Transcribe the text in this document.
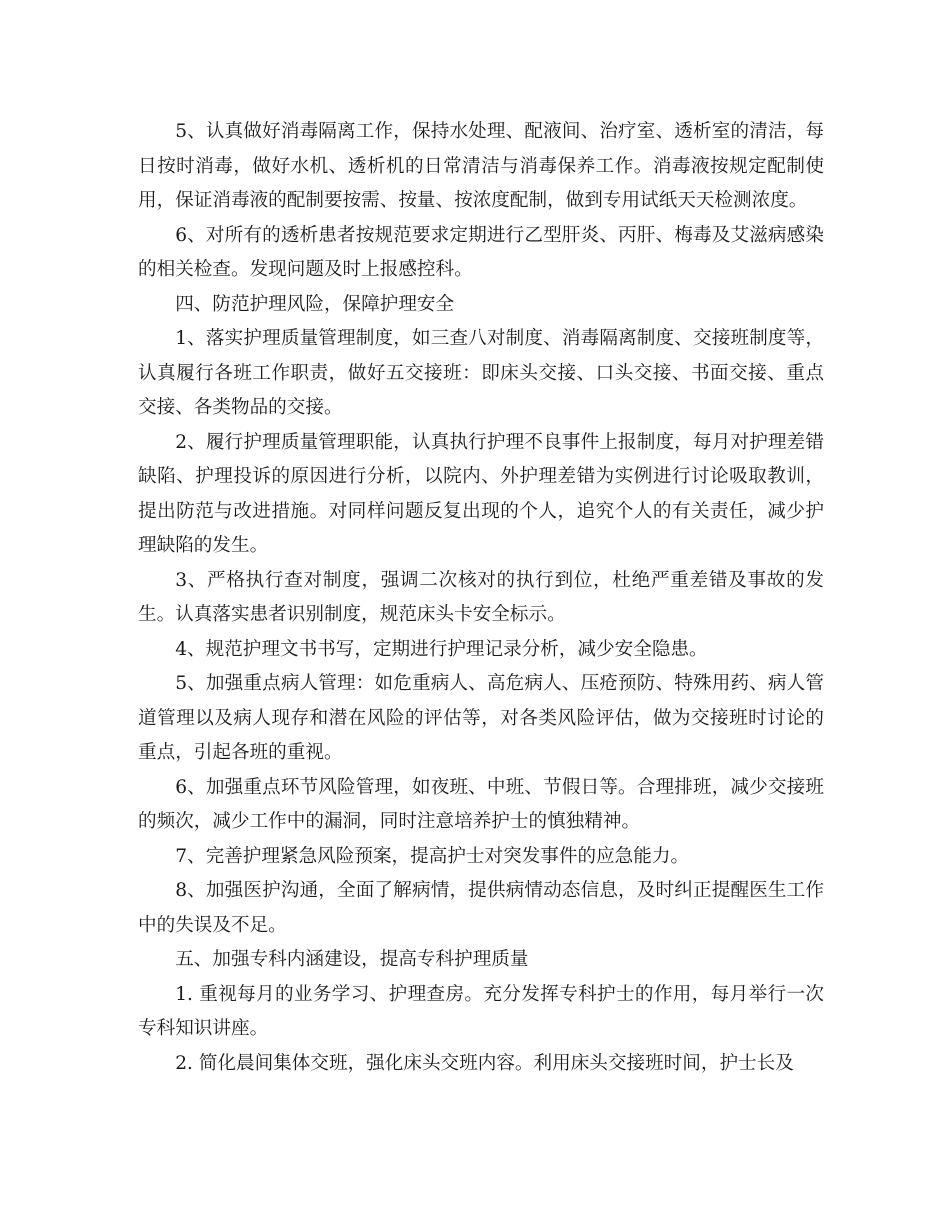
5、认真做好消毒隔离工作，保持水处理、配液间、治疗室、透析室的清洁，每日按时消毒，做好水机、透析机的日常清洁与消毒保养工作。消毒液按规定配制使用，保证消毒液的配制要按需、按量、按浓度配制，做到专用试纸天天检测浓度。

6、对所有的透析患者按规范要求定期进行乙型肝炎、丙肝、梅毒及艾滋病感染的相关检查。发现问题及时上报感控科。

四、防范护理风险，保障护理安全

1、落实护理质量管理制度，如三查八对制度、消毒隔离制度、交接班制度等，认真履行各班工作职责，做好五交接班：即床头交接、口头交接、书面交接、重点交接、各类物品的交接。

2、履行护理质量管理职能，认真执行护理不良事件上报制度，每月对护理差错缺陷、护理投诉的原因进行分析，以院内、外护理差错为实例进行讨论吸取教训，提出防范与改进措施。对同样问题反复出现的个人，追究个人的有关责任，减少护理缺陷的发生。

3、严格执行查对制度，强调二次核对的执行到位，杜绝严重差错及事故的发生。认真落实患者识别制度，规范床头卡安全标示。

4、规范护理文书书写，定期进行护理记录分析，减少安全隐患。

5、加强重点病人管理：如危重病人、高危病人、压疮预防、特殊用药、病人管道管理以及病人现存和潜在风险的评估等，对各类风险评估，做为交接班时讨论的重点，引起各班的重视。

6、加强重点环节风险管理，如夜班、中班、节假日等。合理排班，减少交接班的频次，减少工作中的漏洞，同时注意培养护士的慎独精神。

7、完善护理紧急风险预案，提高护士对突发事件的应急能力。

8、加强医护沟通，全面了解病情，提供病情动态信息，及时纠正提醒医生工作中的失误及不足。

五、加强专科内涵建设，提高专科护理质量

1. 重视每月的业务学习、护理查房。充分发挥专科护士的作用，每月举行一次专科知识讲座。

2. 简化晨间集体交班，强化床头交班内容。利用床头交接班时间，护士长及
